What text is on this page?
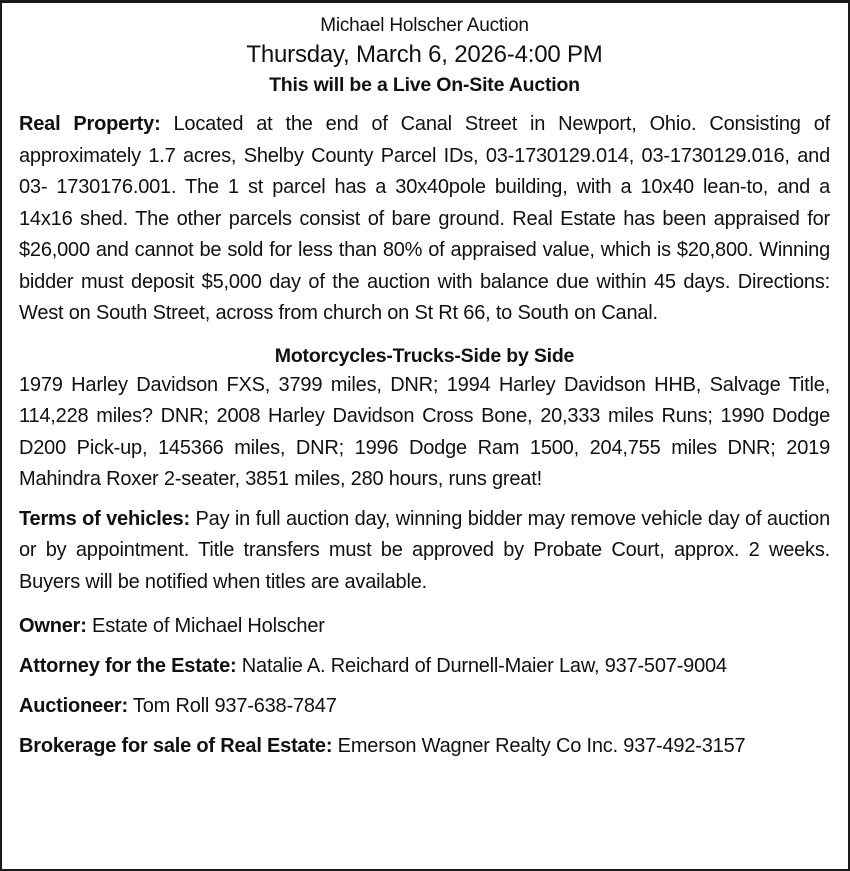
Michael Holscher Auction
Thursday, March 6, 2026-4:00 PM
This will be a Live On-Site Auction

Real Property: Located at the end of Canal Street in Newport, Ohio. Consisting of approximately 1.7 acres, Shelby County Parcel IDs, 03-1730129.014, 03-1730129.016, and 03- 1730176.001. The 1 st parcel has a 30x40pole building, with a 10x40 lean-to, and a 14x16 shed. The other parcels consist of bare ground. Real Estate has been appraised for $26,000 and cannot be sold for less than 80% of appraised value, which is $20,800. Winning bidder must deposit $5,000 day of the auction with balance due within 45 days. Directions: West on South Street, across from church on St Rt 66, to South on Canal.

Motorcycles-Trucks-Side by Side

1979 Harley Davidson FXS, 3799 miles, DNR; 1994 Harley Davidson HHB, Salvage Title, 114,228 miles? DNR; 2008 Harley Davidson Cross Bone, 20,333 miles Runs; 1990 Dodge D200 Pick-up, 145366 miles, DNR; 1996 Dodge Ram 1500, 204,755 miles DNR; 2019 Mahindra Roxer 2-seater, 3851 miles, 280 hours, runs great!

Terms of vehicles: Pay in full auction day, winning bidder may remove vehicle day of auction or by appointment. Title transfers must be approved by Probate Court, approx. 2 weeks. Buyers will be notified when titles are available.

Owner: Estate of Michael Holscher
Attorney for the Estate: Natalie A. Reichard of Durnell-Maier Law, 937-507-9004
Auctioneer: Tom Roll 937-638-7847
Brokerage for sale of Real Estate: Emerson Wagner Realty Co Inc. 937-492-3157
